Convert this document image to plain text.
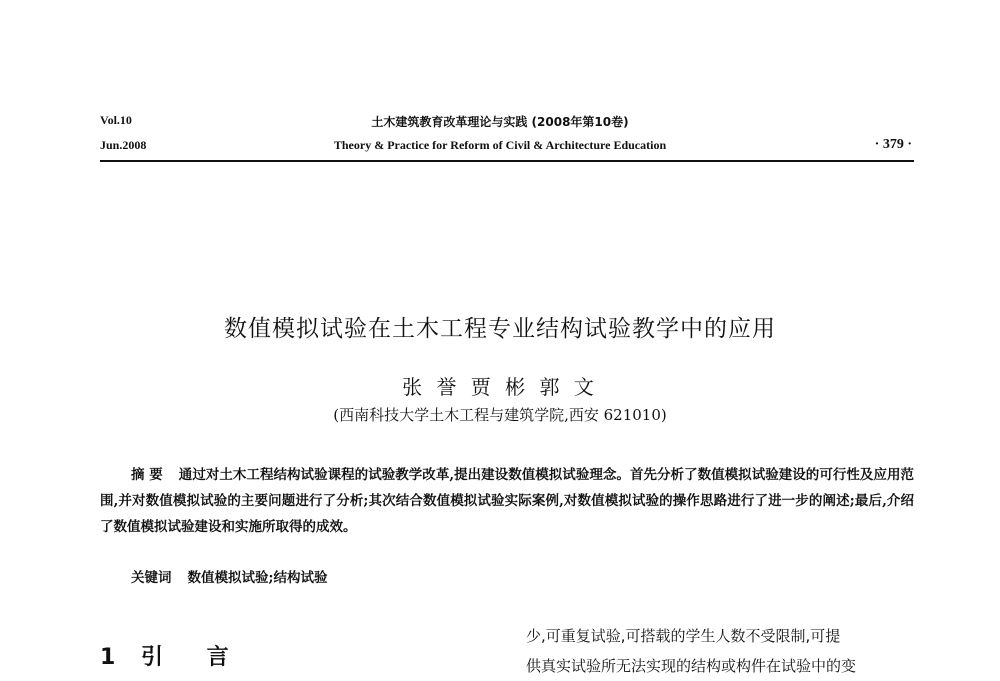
Vol.10
Jun.2008
土木建筑教育改革理论与实践 (2008年第10卷)
Theory & Practice for Reform of Civil & Architecture Education	· 379 ·
数值模拟试验在土木工程专业结构试验教学中的应用
张 誉 贾 彬 郭 文
(西南科技大学土木工程与建筑学院,西安 621010)
摘 要 通过对土木工程结构试验课程的试验教学改革,提出建设数值模拟试验理念。首先分析了数值模拟试验建设的可行性及应用范围,并对数值模拟试验的主要问题进行了分析;其次结合数值模拟试验实际案例,对数值模拟试验的操作思路进行了进一步的阐述;最后,介绍了数值模拟试验建设和实施所取得的成效。
关键词 数值模拟试验;结构试验
1 引 言
少,可重复试验,可搭载的学生人数不受限制,可提
供真实试验所无法实现的结构或构件在试验中的变
